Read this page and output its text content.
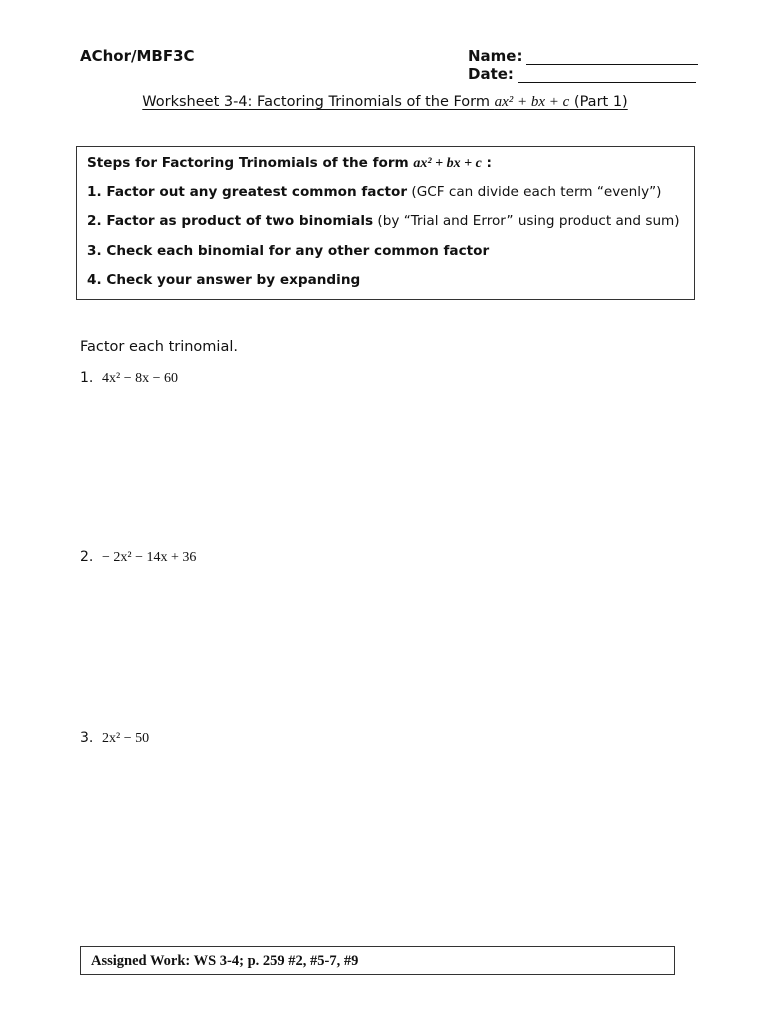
AChor/MBF3C	Name:
Date:
Worksheet 3-4: Factoring Trinomials of the Form ax² + bx + c (Part 1)
Steps for Factoring Trinomials of the form ax² + bx + c :
1. Factor out any greatest common factor (GCF can divide each term “evenly”)
2. Factor as product of two binomials (by “Trial and Error” using product and sum)
3. Check each binomial for any other common factor
4. Check your answer by expanding
Factor each trinomial.
1. 4x² − 8x − 60
2. − 2x² − 14x + 36
3. 2x² − 50
Assigned Work: WS 3-4; p. 259 #2, #5-7, #9
